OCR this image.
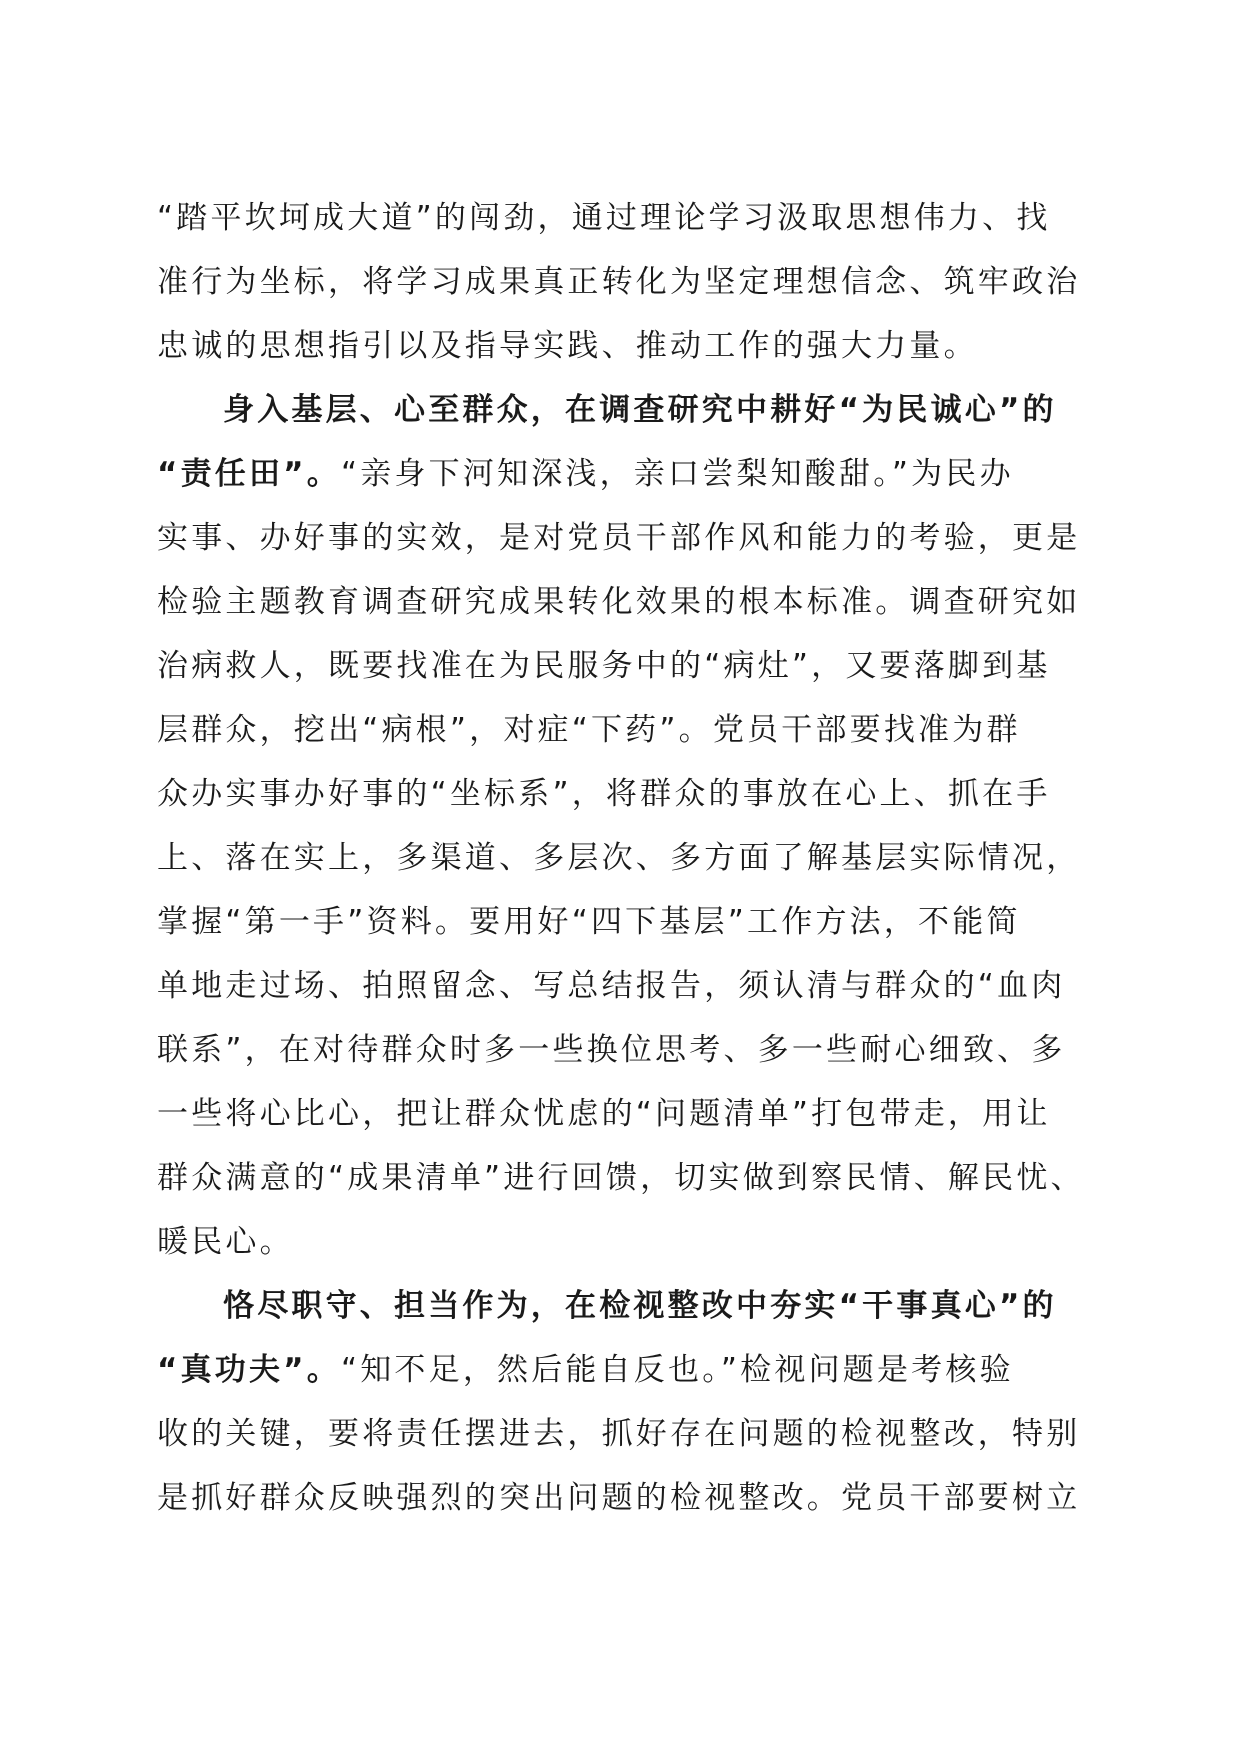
“踏平坎坷成大道”的闯劲，通过理论学习汲取思想伟力、找
准行为坐标，将学习成果真正转化为坚定理想信念、筑牢政治
忠诚的思想指引以及指导实践、推动工作的强大力量。
身入基层、心至群众，在调查研究中耕好“为民诚心”的
“责任田”。“亲身下河知深浅，亲口尝梨知酸甜。”为民办
实事、办好事的实效，是对党员干部作风和能力的考验，更是
检验主题教育调查研究成果转化效果的根本标准。调查研究如
治病救人，既要找准在为民服务中的“病灶”，又要落脚到基
层群众，挖出“病根”，对症“下药”。党员干部要找准为群
众办实事办好事的“坐标系”，将群众的事放在心上、抓在手
上、落在实上，多渠道、多层次、多方面了解基层实际情况，
掌握“第一手”资料。要用好“四下基层”工作方法，不能简
单地走过场、拍照留念、写总结报告，须认清与群众的“血肉
联系”，在对待群众时多一些换位思考、多一些耐心细致、多
一些将心比心，把让群众忧虑的“问题清单”打包带走，用让
群众满意的“成果清单”进行回馈，切实做到察民情、解民忧、
暖民心。
恪尽职守、担当作为，在检视整改中夯实“干事真心”的
“真功夫”。“知不足，然后能自反也。”检视问题是考核验
收的关键，要将责任摆进去，抓好存在问题的检视整改，特别
是抓好群众反映强烈的突出问题的检视整改。党员干部要树立
